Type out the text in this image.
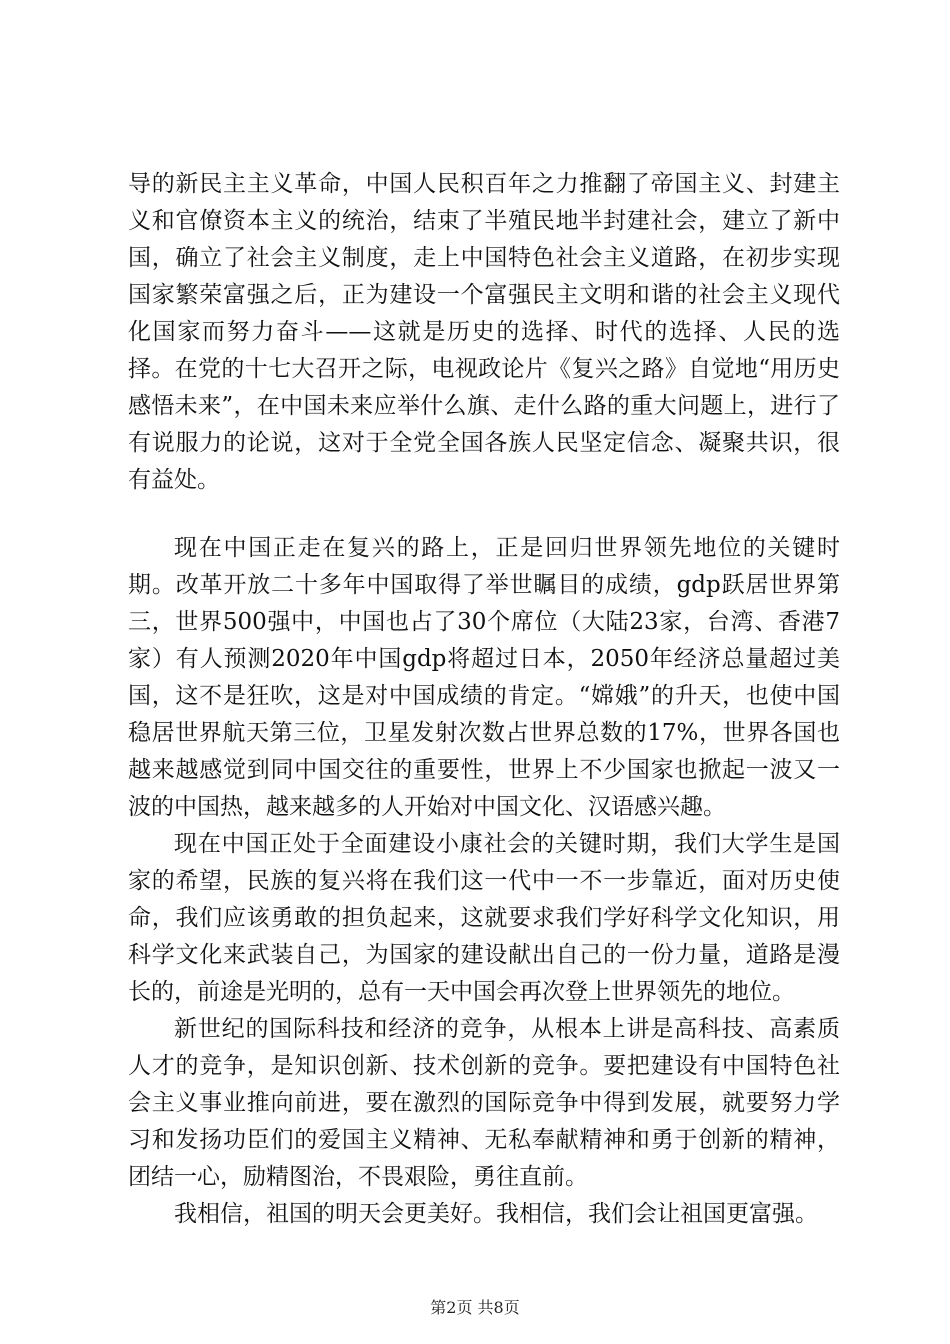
导的新民主主义革命，中国人民积百年之力推翻了帝国主义、封建主义和官僚资本主义的统治，结束了半殖民地半封建社会，建立了新中国，确立了社会主义制度，走上中国特色社会主义道路，在初步实现国家繁荣富强之后，正为建设一个富强民主文明和谐的社会主义现代化国家而努力奋斗——这就是历史的选择、时代的选择、人民的选择。在党的十七大召开之际，电视政论片《复兴之路》自觉地“用历史感悟未来”，在中国未来应举什么旗、走什么路的重大问题上，进行了有说服力的论说，这对于全党全国各族人民坚定信念、凝聚共识，很有益处。

现在中国正走在复兴的路上，正是回归世界领先地位的关键时期。改革开放二十多年中国取得了举世瞩目的成绩，gdp跃居世界第三，世界500强中，中国也占了30个席位（大陆23家，台湾、香港7家）有人预测2020年中国gdp将超过日本，2050年经济总量超过美国，这不是狂吹，这是对中国成绩的肯定。“嫦娥”的升天，也使中国稳居世界航天第三位，卫星发射次数占世界总数的17%，世界各国也越来越感觉到同中国交往的重要性，世界上不少国家也掀起一波又一波的中国热，越来越多的人开始对中国文化、汉语感兴趣。

现在中国正处于全面建设小康社会的关键时期，我们大学生是国家的希望，民族的复兴将在我们这一代中一不一步靠近，面对历史使命，我们应该勇敢的担负起来，这就要求我们学好科学文化知识，用科学文化来武装自己，为国家的建设献出自己的一份力量，道路是漫长的，前途是光明的，总有一天中国会再次登上世界领先的地位。

新世纪的国际科技和经济的竞争，从根本上讲是高科技、高素质人才的竞争，是知识创新、技术创新的竞争。要把建设有中国特色社会主义事业推向前进，要在激烈的国际竞争中得到发展，就要努力学习和发扬功臣们的爱国主义精神、无私奉献精神和勇于创新的精神，团结一心，励精图治，不畏艰险，勇往直前。

我相信，祖国的明天会更美好。我相信，我们会让祖国更富强。

第2页 共8页
